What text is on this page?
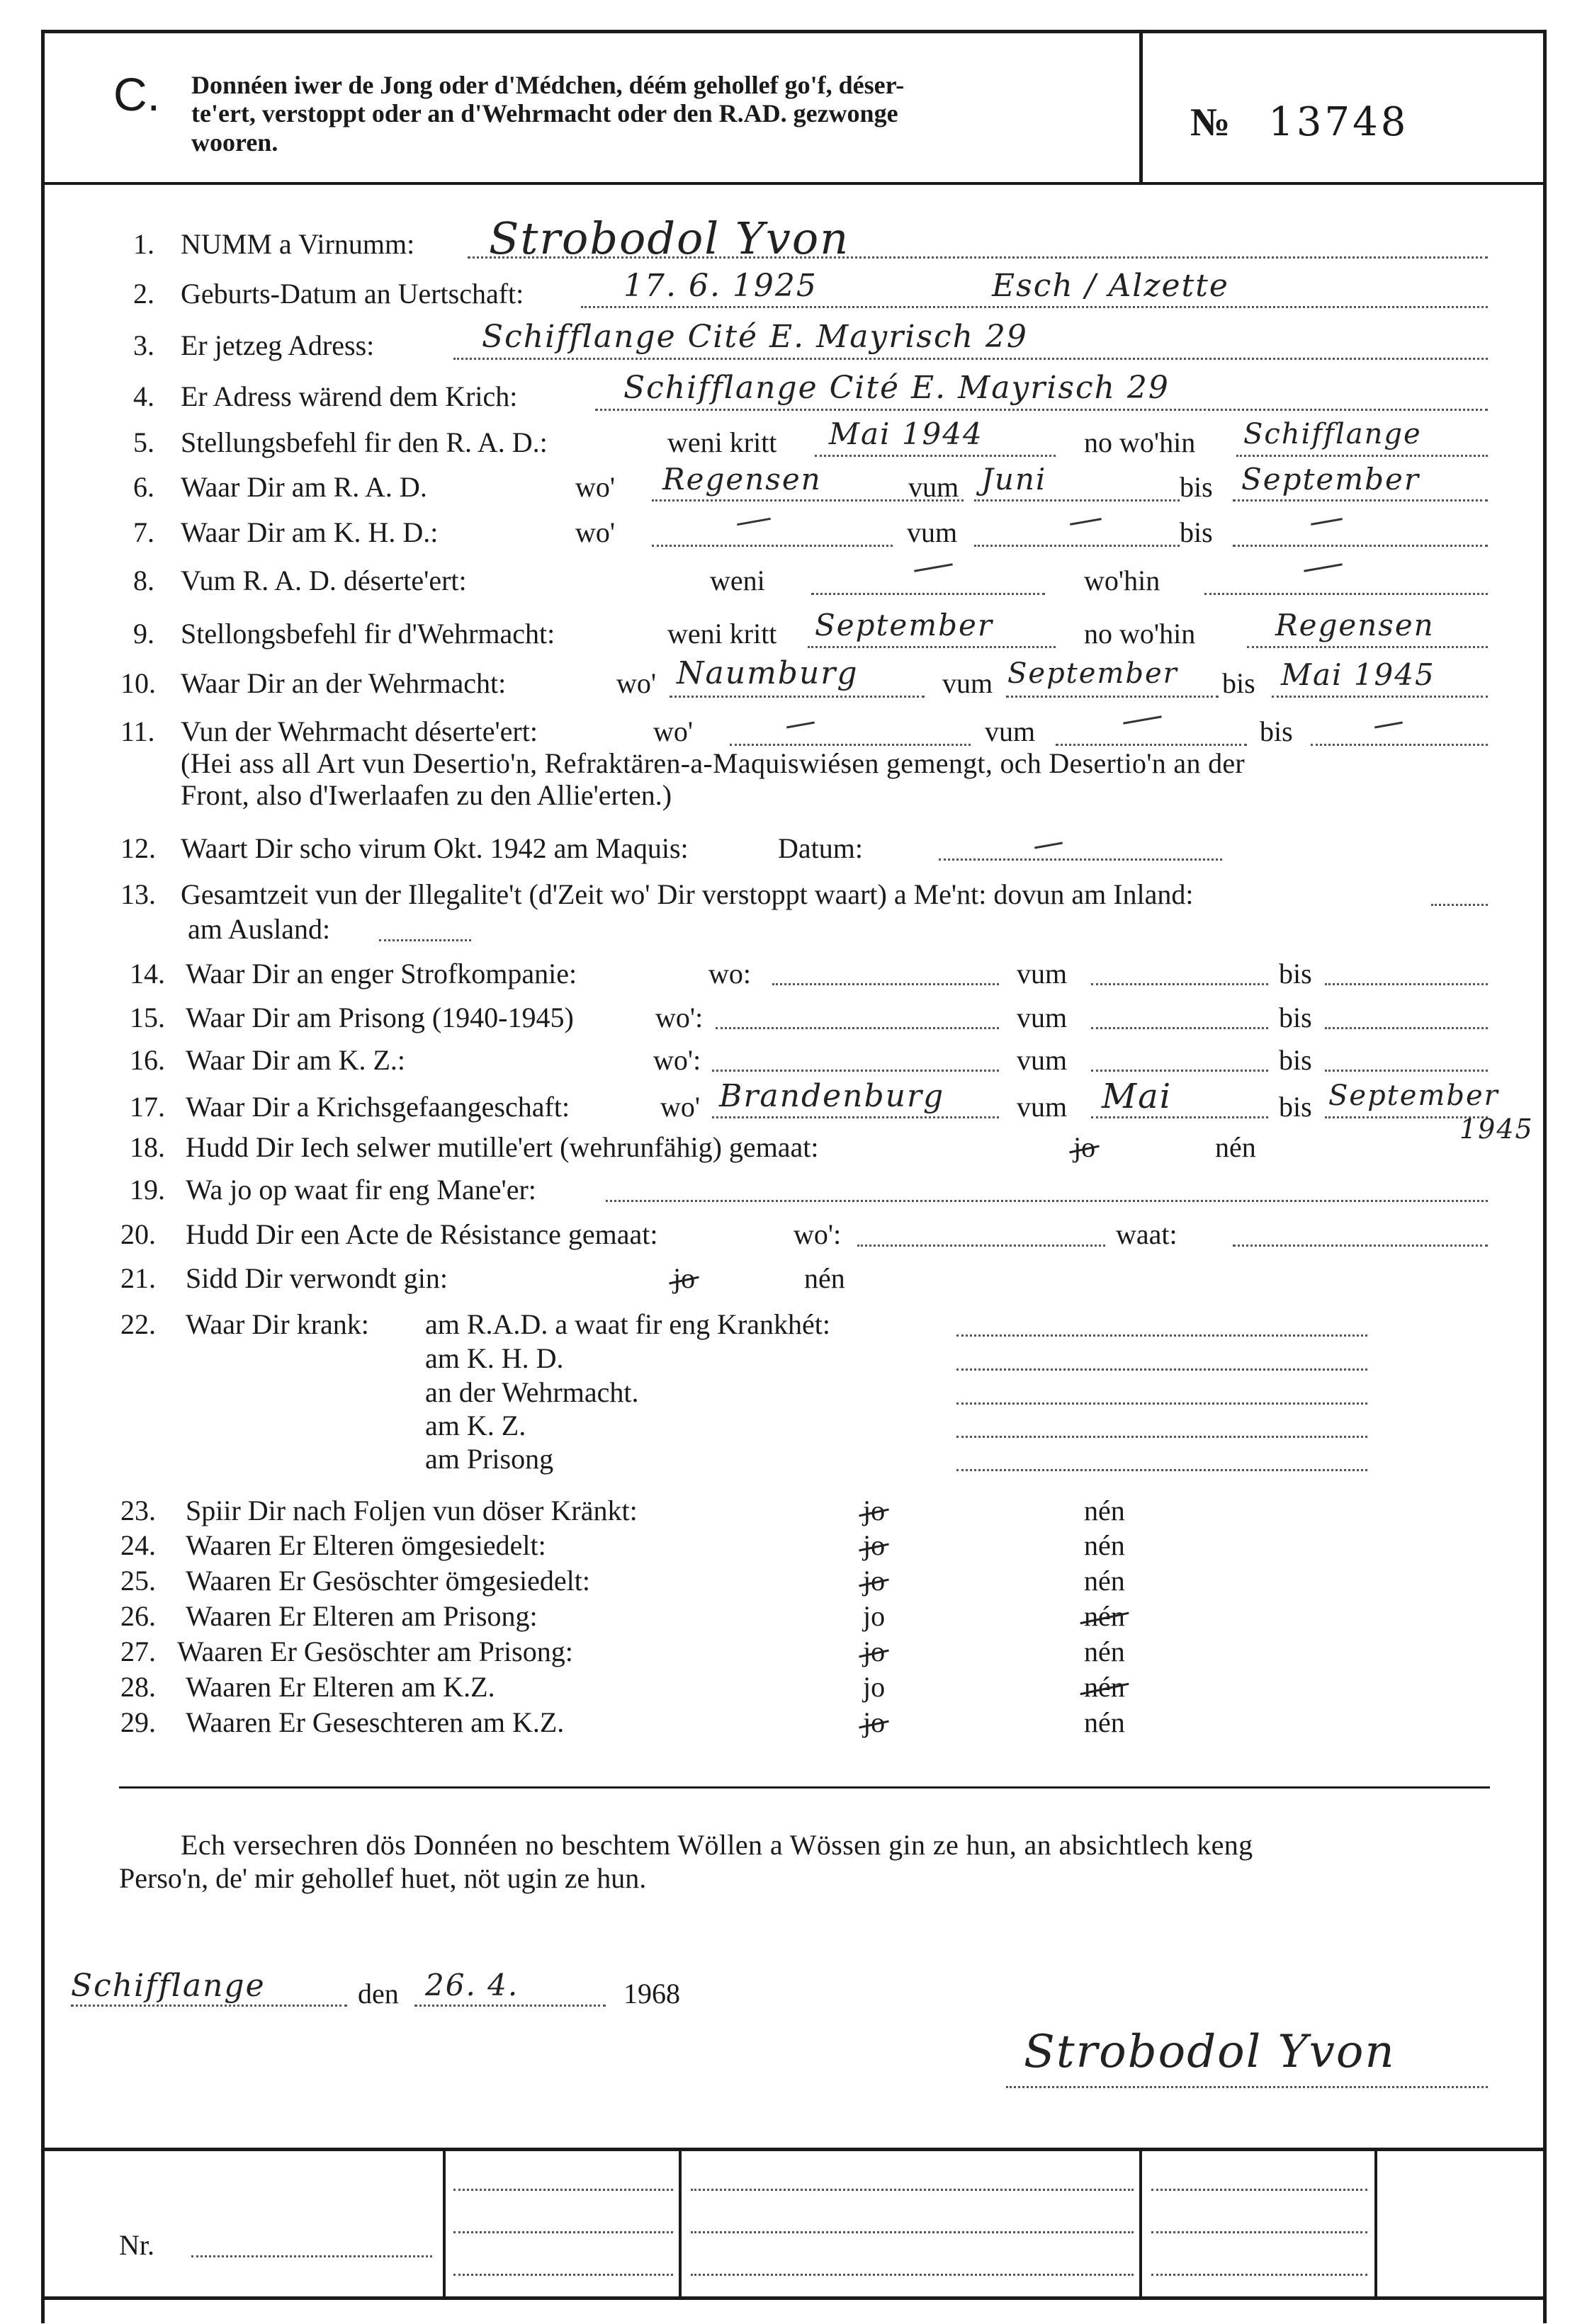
C. Donnéen iwer de Jong oder d'Médchen, déém gehollef go'f, déser-
te'ert, verstoppt oder an d'Wehrmacht oder den R.AD. gezwonge
wooren.	№ 13748
1. NUMM a Virnumm: Strobodol Yvon
2. Geburts-Datum an Uertschaft:	17. 6. 1925	Esch / Alzette
3. Er jetzeg Adress:	Schifflange Cité E. Mayrisch 29
4. Er Adress wärend dem Krich:	Schifflange Cité E. Mayrisch 29
5. Stellungsbefehl fir den R. A. D.:	weni kritt Mai 1944	no wo'hin Schifflange
6. Waar Dir am R. A. D.	wo' Regensen	vum Juni	bis September
7. Waar Dir am K. H. D.:	wo'	vum	bis
8. Vum R. A. D. déserte'ert:	weni	wo'hin
9. Stellongsbefehl fir d'Wehrmacht:	weni kritt September	no wo'hin	Regensen
10. Waar Dir an der Wehrmacht:	wo' Naumburg	vum September bis Mai 1945
11. Vun der Wehrmacht déserte'ert:	wo'	vum	bis
(Hei ass all Art vun Desertio'n, Refraktären-a-Maquiswiésen gemengt, och Desertio'n an der
Front, also d'Iwerlaafen zu den Allie'erten.)
12. Waart Dir scho virum Okt. 1942 am Maquis:	Datum:
13. Gesamtzeit vun der Illegalite't (d'Zeit wo' Dir verstoppt waart) a Me'nt: dovun am Inland:
am Ausland:
14. Waar Dir an enger Strofkompanie:	wo:	vum	bis
15. Waar Dir am Prisong (1940-1945)	wo':	vum	bis
16. Waar Dir am K. Z.:	wo':	vum	bis
17. Waar Dir a Krichsgefaangeschaft:	wo' Brandenburg	vum Mai	bis September
1945
18. Hudd Dir Iech selwer mutille'ert (wehrunfähig) gemaat:	jo	nén
19. Wa jo op waat fir eng Mane'er:
20. Hudd Dir een Acte de Résistance gemaat:	wo':	waat:
21. Sidd Dir verwondt gin:	jo	nén
22. Waar Dir krank: am R.A.D. a waat fir eng Krankhét:
am K. H. D.
an der Wehrmacht.
am K. Z.
am Prisong
23. Spiir Dir nach Foljen vun döser Kränkt:	jo	nén
24. Waaren Er Elteren ömgesiedelt:	jo	nén
25. Waaren Er Gesöschter ömgesiedelt:	jo	nén
26. Waaren Er Elteren am Prisong:	jo	nén
27. Waaren Er Gesöschter am Prisong:	jo	nén
28. Waaren Er Elteren am K.Z.	jo	nén
29. Waaren Er Geseschteren am K.Z.	jo	nén
Ech versechren dös Donnéen no beschtem Wöllen a Wössen gin ze hun, an absichtlech keng
Perso'n, de' mir gehollef huet, nöt ugin ze hun.
Schifflange	den 26. 4.	1968
Strobodol Yvon
Nr.
